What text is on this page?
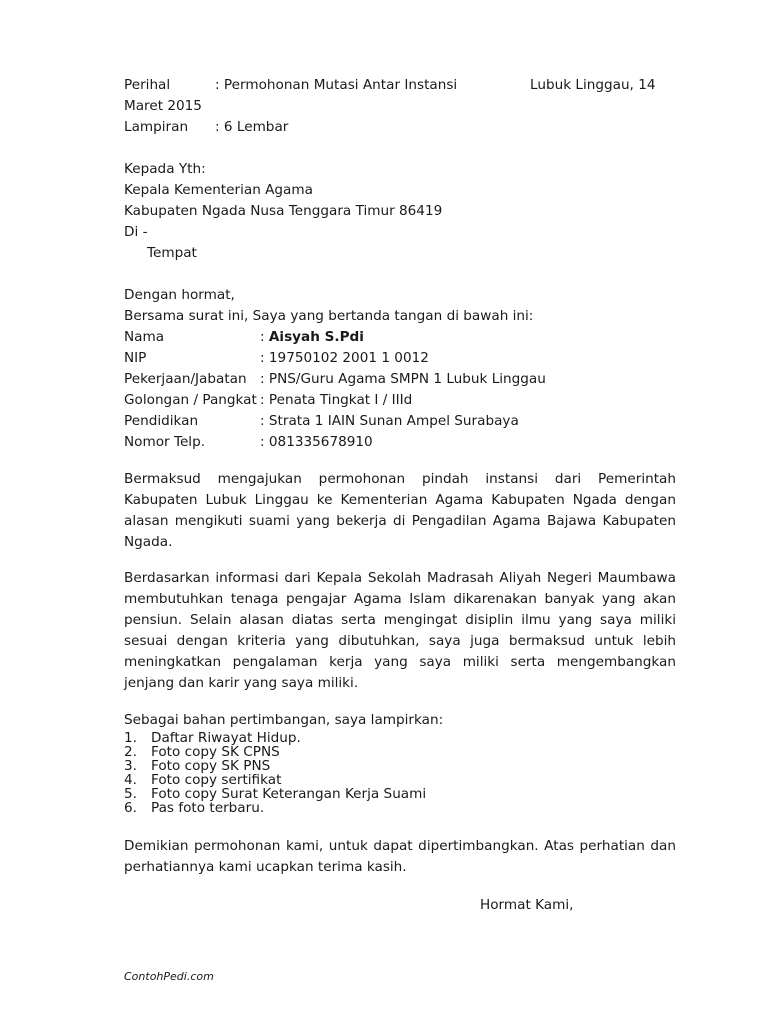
Perihal	: Permohonan Mutasi Antar Instansi	Lubuk Linggau, 14
Maret 2015
Lampiran : 6 Lembar
Kepada Yth:
Kepala Kementerian Agama
Kabupaten Ngada Nusa Tenggara Timur 86419
Di -
Tempat
Dengan hormat,
Bersama surat ini, Saya yang bertanda tangan di bawah ini:
Nama	: Aisyah S.Pdi
NIP	: 19750102 2001 1 0012
Pekerjaan/Jabatan : PNS/Guru Agama SMPN 1 Lubuk Linggau
Golongan / Pangkat : Penata Tingkat I / IIId
Pendidikan	: Strata 1 IAIN Sunan Ampel Surabaya
Nomor Telp.	: 081335678910
Bermaksud mengajukan permohonan pindah instansi dari Pemerintah Kabupaten Lubuk Linggau ke Kementerian Agama Kabupaten Ngada dengan alasan mengikuti suami yang bekerja di Pengadilan Agama Bajawa Kabupaten Ngada.
Berdasarkan informasi dari Kepala Sekolah Madrasah Aliyah Negeri Maumbawa membutuhkan tenaga pengajar Agama Islam dikarenakan banyak yang akan pensiun. Selain alasan diatas serta mengingat disiplin ilmu yang saya miliki sesuai dengan kriteria yang dibutuhkan, saya juga bermaksud untuk lebih meningkatkan pengalaman kerja yang saya miliki serta mengembangkan jenjang dan karir yang saya miliki.
Sebagai bahan pertimbangan, saya lampirkan:
1. Daftar Riwayat Hidup.
2. Foto copy SK CPNS
3. Foto copy SK PNS
4. Foto copy sertifikat
5. Foto copy Surat Keterangan Kerja Suami
6. Pas foto terbaru.
Demikian permohonan kami, untuk dapat dipertimbangkan. Atas perhatian dan perhatiannya kami ucapkan terima kasih.
Hormat Kami,
ContohPedi.com
